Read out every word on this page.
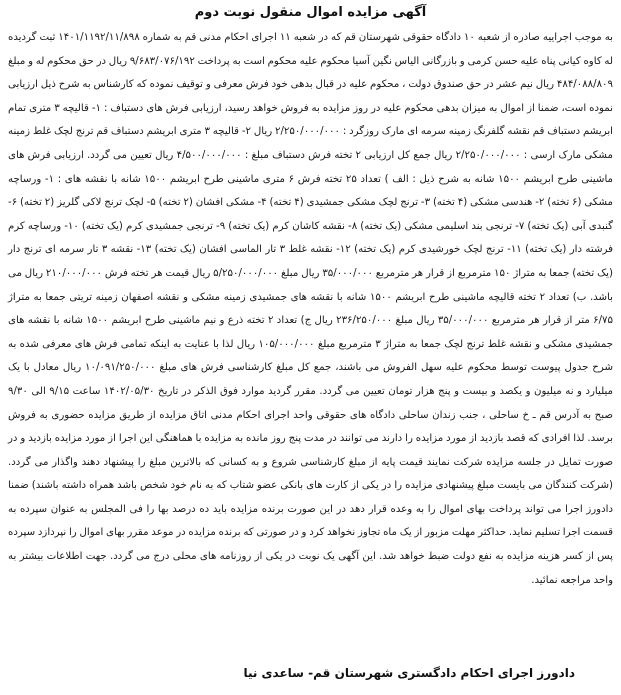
آگهی مزایده اموال منقول نوبت دوم

به موجب اجراییه صادره از شعبه ۱۰ دادگاه حقوقی شهرستان قم که در شعبه ۱۱ اجرای احکام مدنی قم به شماره ۱۴۰۱/۱۱۹۲/۱۱/۸۹۸ ثبت گردیده له کاوه کیانی پناه علیه حسن کرمی و بازرگانی الیاس نگین آسیا محکوم علیه محکوم است به پرداخت ۹/۶۸۳/۰۷۶/۱۹۲ ریال در حق محکوم له و مبلغ ۴۸۴/۰۸۸/۸۰۹ ریال نیم عشر در حق صندوق دولت ، محکوم علیه در قبال بدهی خود فرش معرفی و توقیف نموده که کارشناس به شرح ذیل ارزیابی نموده است، ضمنا از اموال به میزان بدهی محکوم علیه در روز مزایده به فروش خواهد رسید، ارزیابی فرش های دستباف : ۱- قالیچه ۳ متری تمام ابریشم دستباف قم نقشه گلفرنگ زمینه سرمه ای مارک روزگرد : ۲/۲۵۰/۰۰۰/۰۰۰ ریال ۲- قالیچه ۳ متری ابریشم دستباف قم ترنج لچک غلط زمینه مشکی مارک ارسی : ۲/۲۵۰/۰۰۰/۰۰۰ ریال جمع کل ارزیابی ۲ تخته فرش دستباف مبلغ : ۴/۵۰۰/۰۰۰/۰۰۰ ریال تعیین می گردد. ارزیابی فرش های ماشینی طرح ابریشم ۱۵۰۰ شانه به شرح ذیل : الف ) تعداد ۲۵ تخته فرش ۶ متری ماشینی طرح ابریشم ۱۵۰۰ شانه با نقشه های : ۱- ورساچه مشکی (۶ تخته) ۲- هندسی مشکی (۴ تخته) ۳- ترنج لچک مشکی جمشیدی (۴ تخته) ۴- مشکی افشان (۲ تخته) ۵- لچک ترنج لاکی گلریز (۲ تخته) ۶- گنبدی آبی (یک تخته) ۷- ترنجی بند اسلیمی مشکی (یک تخته) ۸- نقشه کاشان کرم (یک تخته) ۹- ترنجی جمشیدی کرم (یک تخته) ۱۰- ورساچه کرم فرشته دار (یک تخته) ۱۱- ترنج لچک خورشیدی کرم (یک تخته) ۱۲- نقشه غلط ۳ تار الماسی افشان (یک تخته) ۱۳- نقشه ۳ تار سرمه ای ترنج دار (یک تخته) جمعا به متراژ ۱۵۰ مترمربع از قرار هر مترمربع ۳۵/۰۰۰/۰۰۰ ریال مبلغ ۵/۲۵۰/۰۰۰/۰۰۰ ریال قیمت هر تخته فرش ۲۱۰/۰۰۰/۰۰۰ ریال می باشد. ب) تعداد ۲ تخته قالیچه ماشینی طرح ابریشم ۱۵۰۰ شانه با نقشه های جمشیدی زمینه مشکی و نقشه اصفهان زمینه تریتی جمعا به متراژ ۶/۷۵ متر از قرار هر مترمربع ۳۵/۰۰۰/۰۰۰ ریال مبلغ ۲۳۶/۲۵۰/۰۰۰ ریال ج) تعداد ۲ تخته ذرع و نیم ماشینی طرح ابریشم ۱۵۰۰ شانه با نقشه های جمشیدی مشکی و نقشه غلط ترنج لچک جمعا به متراژ ۳ مترمربع مبلغ ۱۰۵/۰۰۰/۰۰۰ ریال لذا با عنایت به اینکه تمامی فرش های معرفی شده به شرح جدول پیوست توسط محکوم علیه سهل الفروش می باشند، جمع کل مبلغ کارشناسی فرش های مبلغ ۱۰/۰۹۱/۲۵۰/۰۰۰ ریال معادل با یک میلیارد و نه میلیون و یکصد و بیست و پنج هزار تومان تعیین می گردد. مقرر گردید موارد فوق الذکر در تاریخ ۱۴۰۲/۰۵/۳۰ ساعت ۹/۱۵ الی ۹/۳۰ صبح به آدرس قم ـ خ ساحلی ، جنب زندان ساحلی دادگاه های حقوقی واحد اجرای احکام مدنی اتاق مزایده از طریق مزایده حضوری به فروش برسد. لذا افرادی که قصد بازدید از مورد مزایده را دارند می توانند در مدت پنج روز مانده به مزایده با هماهنگی این اجرا از مورد مزایده بازدید و در صورت تمایل در جلسه مزایده شرکت نمایند قیمت پایه از مبلغ کارشناسی شروع و به کسانی که بالاترین مبلغ را پیشنهاد دهند واگذار می گردد. (شرکت کنندگان می بایست مبلغ پیشنهادی مزایده را در یکی از کارت های بانکی عضو شتاب که به نام خود شخص باشد همراه داشته باشند) ضمنا دادورز اجرا می تواند پرداخت بهای اموال را به وعده قرار دهد در این صورت برنده مزایده باید ده درصد بها را فی المجلس به عنوان سپرده به قسمت اجرا تسلیم نماید. حداکثر مهلت مزبور از یک ماه تجاوز نخواهد کرد و در صورتی که برنده مزایده در موعد مقرر بهای اموال را نپردازد سپرده پس از کسر هزینه مزایده به نفع دولت ضبط خواهد شد. این آگهی یک نوبت در یکی از روزنامه های محلی درج می گردد. جهت اطلاعات بیشتر به واحد مراجعه نمائید.

دادورز اجرای احکام دادگستری شهرستان قم- ساعدی نیا
